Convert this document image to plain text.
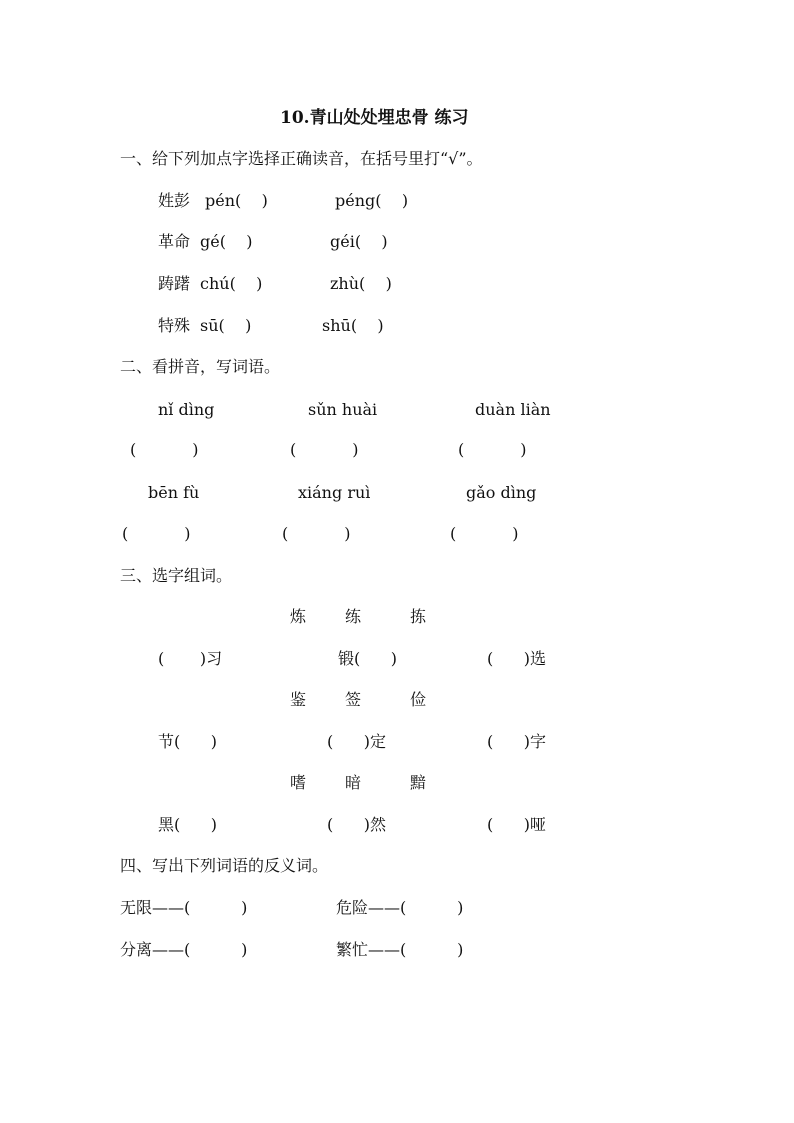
10.青山处处埋忠骨 练习
一、给下列加点字选择正确读音，在括号里打“√”。
姓彭 pén(    )	péng(    )
革命 gé(    )	géi(    )
踌躇 chú(    )	zhù(    )
特殊 sū(    )	shū(    )
二、看拼音，写词语。
nǐ dìng	sǔn huài	duàn liàn
(           )	(           )	(           )
bēn fù	xiáng ruì	gǎo dìng
(           )	(           )	(           )
三、选字组词。
炼 练	拣
(       )习	锻(      )	(      )选
鉴 签	俭
节(      )	(      )定	(      )字
嗜 暗	黯
黑(      )	(      )然	(      )哑
四、写出下列词语的反义词。
无限——(          )	危险——(          )
分离——(          )	繁忙——(          )
